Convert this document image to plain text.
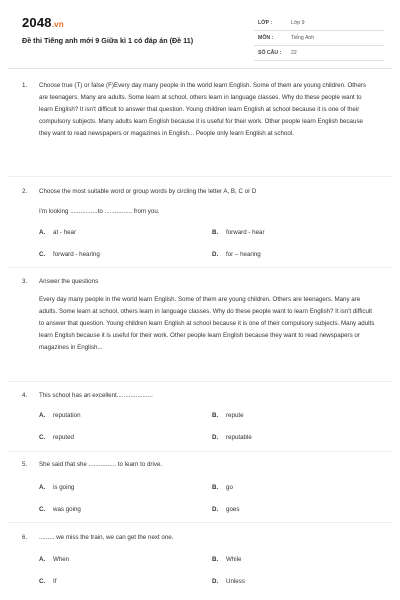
2048.vn
Đề thi Tiếng anh mới 9 Giữa kì 1 có đáp án (Đề 11)
LỚP :	Lớp 9
MÔN :	Tiếng Anh
SỐ CÂU : 22
1. Choose true (T) or false (F)Every day many people in the world learn English. Some of them are young children. Others are teenagers. Many are adults. Some learn at school, others learn in language classes. Why do these people want to learn English? It isn't difficult to answer that question. Young children learn English at school because it is one of their compulsory subjects. Many adults learn English because it is useful for their work. Other people learn English because they want to read newspapers or magazines in English... People only learn English at school.
2. Choose the most suitable word or group words by circling the letter A, B, C or D
I'm looking ................to ................ from you.
A. at - hear	B. forward - hear
C. forward - hearing	D. for – hearing
3. Answer the questions
Every day many people in the world learn English. Some of them are young children. Others are teenagers. Many are adults. Some learn at school, others learn in language classes. Why do these people want to learn English? It isn't difficult to answer that question. Young children learn English at school because it is one of their compulsory subjects. Many adults learn English because it is useful for their work. Other people learn English because they want to read newspapers or magazines in English...
4. This school has an excellent.....................
A. reputation	B. repute
C. reputed	D. reputable
5. She said that she ................ to learn to drive.
A. is going	B. go
C. was going	D. goes
6. ......... we miss the train, we can get the next one.
A. When	B. While
C. If	D. Unless
